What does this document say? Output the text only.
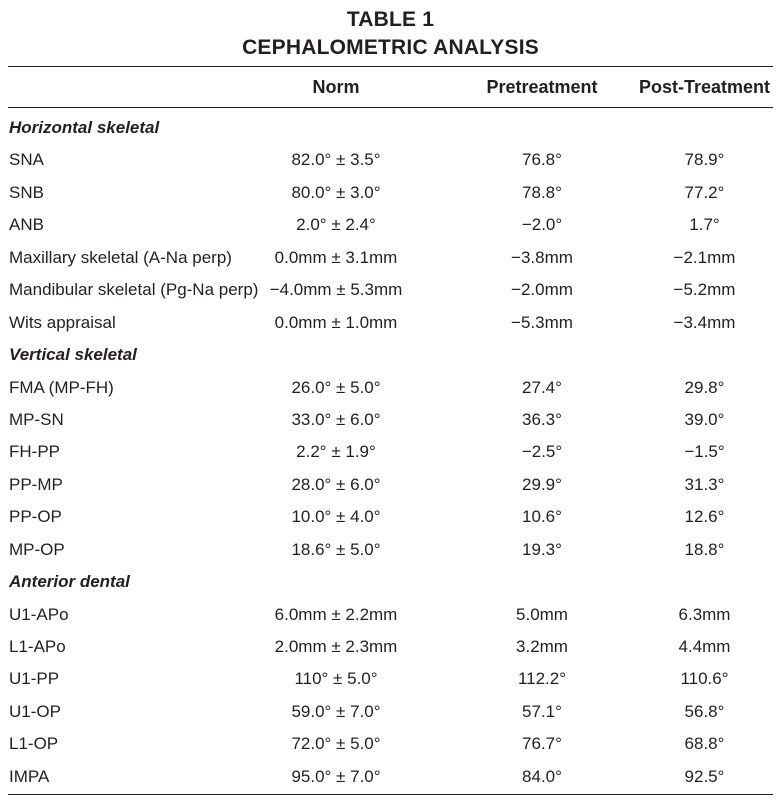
TABLE 1
CEPHALOMETRIC ANALYSIS
Norm	Pretreatment	Post-Treatment
Horizontal skeletal
SNA	82.0° ± 3.5°	76.8°	78.9°
SNB	80.0° ± 3.0°	78.8°	77.2°
ANB	2.0° ± 2.4°	−2.0°	1.7°
Maxillary skeletal (A-Na perp)	0.0mm ± 3.1mm	−3.8mm	−2.1mm
Mandibular skeletal (Pg-Na perp) −4.0mm ± 5.3mm	−2.0mm	−5.2mm
Wits appraisal	0.0mm ± 1.0mm	−5.3mm	−3.4mm
Vertical skeletal
FMA (MP-FH)	26.0° ± 5.0°	27.4°	29.8°
MP-SN	33.0° ± 6.0°	36.3°	39.0°
FH-PP	2.2° ± 1.9°	−2.5°	−1.5°
PP-MP	28.0° ± 6.0°	29.9°	31.3°
PP-OP	10.0° ± 4.0°	10.6°	12.6°
MP-OP	18.6° ± 5.0°	19.3°	18.8°
Anterior dental
U1-APo	6.0mm ± 2.2mm	5.0mm	6.3mm
L1-APo	2.0mm ± 2.3mm	3.2mm	4.4mm
U1-PP	110° ± 5.0°	112.2°	110.6°
U1-OP	59.0° ± 7.0°	57.1°	56.8°
L1-OP	72.0° ± 5.0°	76.7°	68.8°
IMPA	95.0° ± 7.0°	84.0°	92.5°
